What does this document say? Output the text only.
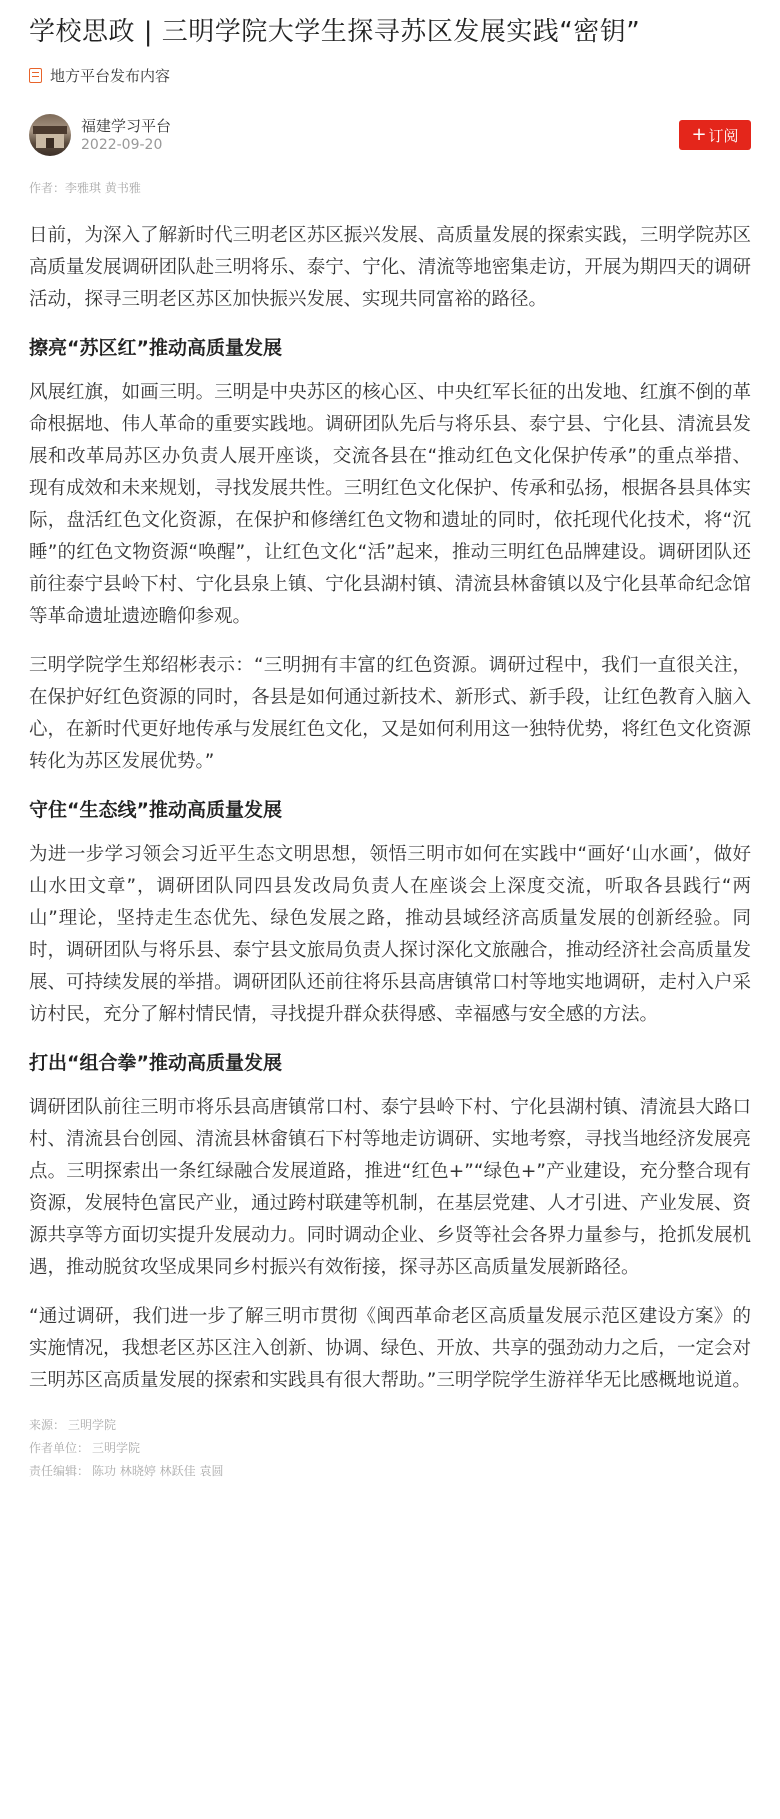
学校思政 | 三明学院大学生探寻苏区发展实践“密钥”
地方平台发布内容
福建学习平台
2022-09-20	+ 订阅
作者：李雅琪 黄书雅

日前，为深入了解新时代三明老区苏区振兴发展、高质量发展的探索实践，三明学院苏区高质量发展调研团队赴三明将乐、泰宁、宁化、清流等地密集走访，开展为期四天的调研活动，探寻三明老区苏区加快振兴发展、实现共同富裕的路径。

擦亮“苏区红”推动高质量发展

风展红旗，如画三明。三明是中央苏区的核心区、中央红军长征的出发地、红旗不倒的革命根据地、伟人革命的重要实践地。调研团队先后与将乐县、泰宁县、宁化县、清流县发展和改革局苏区办负责人展开座谈，交流各县在“推动红色文化保护传承”的重点举措、现有成效和未来规划，寻找发展共性。三明红色文化保护、传承和弘扬，根据各县具体实际，盘活红色文化资源，在保护和修缮红色文物和遗址的同时，依托现代化技术，将“沉睡”的红色文物资源“唤醒”，让红色文化“活”起来，推动三明红色品牌建设。调研团队还前往泰宁县岭下村、宁化县泉上镇、宁化县湖村镇、清流县林畲镇以及宁化县革命纪念馆等革命遗址遗迹瞻仰参观。

三明学院学生郑绍彬表示：“三明拥有丰富的红色资源。调研过程中，我们一直很关注，在保护好红色资源的同时，各县是如何通过新技术、新形式、新手段，让红色教育入脑入心，在新时代更好地传承与发展红色文化，又是如何利用这一独特优势，将红色文化资源转化为苏区发展优势。”

守住“生态线”推动高质量发展

为进一步学习领会习近平生态文明思想，领悟三明市如何在实践中“画好‘山水画’，做好山水田文章”，调研团队同四县发改局负责人在座谈会上深度交流，听取各县践行“两山”理论，坚持走生态优先、绿色发展之路，推动县域经济高质量发展的创新经验。同时，调研团队与将乐县、泰宁县文旅局负责人探讨深化文旅融合，推动经济社会高质量发展、可持续发展的举措。调研团队还前往将乐县高唐镇常口村等地实地调研，走村入户采访村民，充分了解村情民情，寻找提升群众获得感、幸福感与安全感的方法。

打出“组合拳”推动高质量发展

调研团队前往三明市将乐县高唐镇常口村、泰宁县岭下村、宁化县湖村镇、清流县大路口村、清流县台创园、清流县林畲镇石下村等地走访调研、实地考察，寻找当地经济发展亮点。三明探索出一条红绿融合发展道路，推进“红色+”“绿色+”产业建设，充分整合现有资源，发展特色富民产业，通过跨村联建等机制，在基层党建、人才引进、产业发展、资源共享等方面切实提升发展动力。同时调动企业、乡贤等社会各界力量参与，抢抓发展机遇，推动脱贫攻坚成果同乡村振兴有效衔接，探寻苏区高质量发展新路径。

“通过调研，我们进一步了解三明市贯彻《闽西革命老区高质量发展示范区建设方案》的实施情况，我想老区苏区注入创新、协调、绿色、开放、共享的强劲动力之后，一定会对三明苏区高质量发展的探索和实践具有很大帮助。”三明学院学生游祥华无比感概地说道。

来源： 三明学院
作者单位： 三明学院
责任编辑： 陈功 林晓婷 林跃佳 袁圆
